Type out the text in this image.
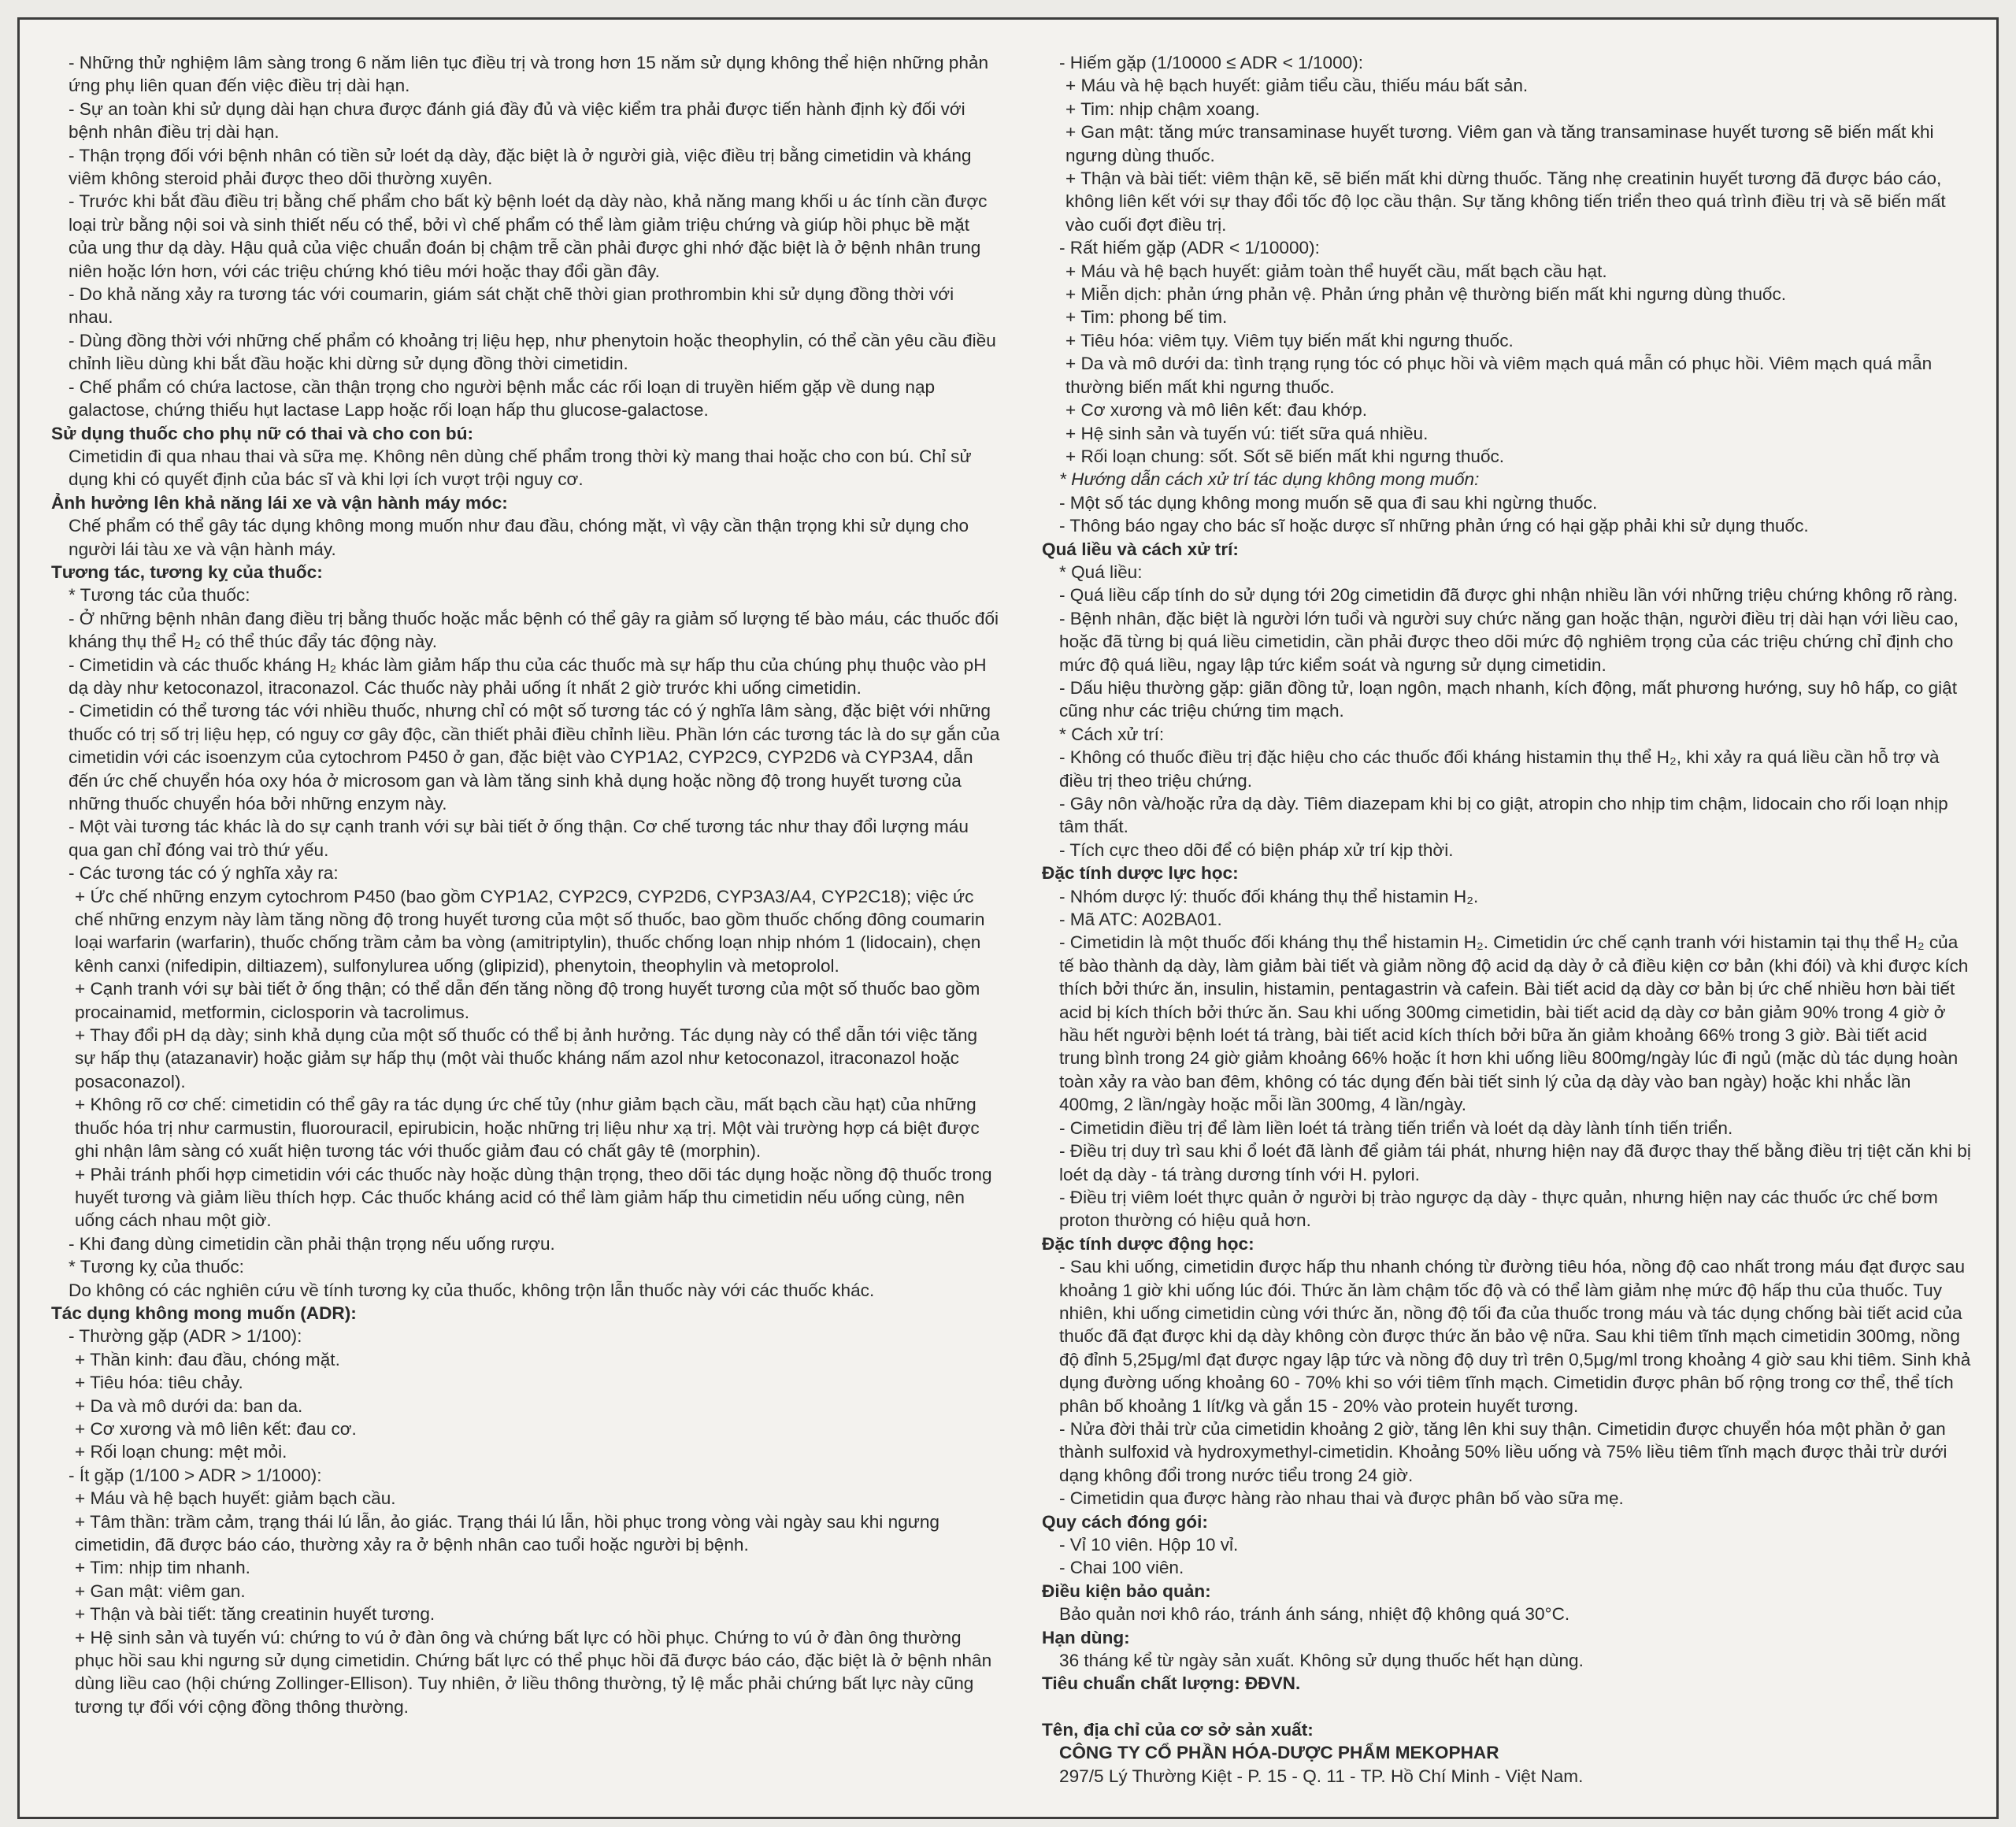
- Những thử nghiệm lâm sàng trong 6 năm liên tục điều trị và trong hơn 15 năm sử dụng không thể hiện những phản ứng phụ liên quan đến việc điều trị dài hạn.

- Sự an toàn khi sử dụng dài hạn chưa được đánh giá đầy đủ và việc kiểm tra phải được tiến hành định kỳ đối với bệnh nhân điều trị dài hạn.

- Thận trọng đối với bệnh nhân có tiền sử loét dạ dày, đặc biệt là ở người già, việc điều trị bằng cimetidin và kháng viêm không steroid phải được theo dõi thường xuyên.

- Trước khi bắt đầu điều trị bằng chế phẩm cho bất kỳ bệnh loét dạ dày nào, khả năng mang khối u ác tính cần được loại trừ bằng nội soi và sinh thiết nếu có thể, bởi vì chế phẩm có thể làm giảm triệu chứng và giúp hồi phục bề mặt của ung thư dạ dày. Hậu quả của việc chuẩn đoán bị chậm trễ cần phải được ghi nhớ đặc biệt là ở bệnh nhân trung niên hoặc lớn hơn, với các triệu chứng khó tiêu mới hoặc thay đổi gần đây.

- Do khả năng xảy ra tương tác với coumarin, giám sát chặt chẽ thời gian prothrombin khi sử dụng đồng thời với nhau.

- Dùng đồng thời với những chế phẩm có khoảng trị liệu hẹp, như phenytoin hoặc theophylin, có thể cần yêu cầu điều chỉnh liều dùng khi bắt đầu hoặc khi dừng sử dụng đồng thời cimetidin.

- Chế phẩm có chứa lactose, cần thận trọng cho người bệnh mắc các rối loạn di truyền hiếm gặp về dung nạp galactose, chứng thiếu hụt lactase Lapp hoặc rối loạn hấp thu glucose-galactose.

Sử dụng thuốc cho phụ nữ có thai và cho con bú:

Cimetidin đi qua nhau thai và sữa mẹ. Không nên dùng chế phẩm trong thời kỳ mang thai hoặc cho con bú. Chỉ sử dụng khi có quyết định của bác sĩ và khi lợi ích vượt trội nguy cơ.

Ảnh hưởng lên khả năng lái xe và vận hành máy móc:

Chế phẩm có thể gây tác dụng không mong muốn như đau đầu, chóng mặt, vì vậy cần thận trọng khi sử dụng cho người lái tàu xe và vận hành máy.

Tương tác, tương kỵ của thuốc:

* Tương tác của thuốc:

- Ở những bệnh nhân đang điều trị bằng thuốc hoặc mắc bệnh có thể gây ra giảm số lượng tế bào máu, các thuốc đối kháng thụ thể H₂ có thể thúc đẩy tác động này.

- Cimetidin và các thuốc kháng H₂ khác làm giảm hấp thu của các thuốc mà sự hấp thu của chúng phụ thuộc vào pH dạ dày như ketoconazol, itraconazol. Các thuốc này phải uống ít nhất 2 giờ trước khi uống cimetidin.

- Cimetidin có thể tương tác với nhiều thuốc, nhưng chỉ có một số tương tác có ý nghĩa lâm sàng, đặc biệt với những thuốc có trị số trị liệu hẹp, có nguy cơ gây độc, cần thiết phải điều chỉnh liều. Phần lớn các tương tác là do sự gắn của cimetidin với các isoenzym của cytochrom P450 ở gan, đặc biệt vào CYP1A2, CYP2C9, CYP2D6 và CYP3A4, dẫn đến ức chế chuyển hóa oxy hóa ở microsom gan và làm tăng sinh khả dụng hoặc nồng độ trong huyết tương của những thuốc chuyển hóa bởi những enzym này.

- Một vài tương tác khác là do sự cạnh tranh với sự bài tiết ở ống thận. Cơ chế tương tác như thay đổi lượng máu qua gan chỉ đóng vai trò thứ yếu.

- Các tương tác có ý nghĩa xảy ra:

+ Ức chế những enzym cytochrom P450 (bao gồm CYP1A2, CYP2C9, CYP2D6, CYP3A3/A4, CYP2C18); việc ức chế những enzym này làm tăng nồng độ trong huyết tương của một số thuốc, bao gồm thuốc chống đông coumarin loại warfarin (warfarin), thuốc chống trầm cảm ba vòng (amitriptylin), thuốc chống loạn nhịp nhóm 1 (lidocain), chẹn kênh canxi (nifedipin, diltiazem), sulfonylurea uống (glipizid), phenytoin, theophylin và metoprolol.

+ Cạnh tranh với sự bài tiết ở ống thận; có thể dẫn đến tăng nồng độ trong huyết tương của một số thuốc bao gồm procainamid, metformin, ciclosporin và tacrolimus.

+ Thay đổi pH dạ dày; sinh khả dụng của một số thuốc có thể bị ảnh hưởng. Tác dụng này có thể dẫn tới việc tăng sự hấp thụ (atazanavir) hoặc giảm sự hấp thụ (một vài thuốc kháng nấm azol như ketoconazol, itraconazol hoặc posaconazol).

+ Không rõ cơ chế: cimetidin có thể gây ra tác dụng ức chế tủy (như giảm bạch cầu, mất bạch cầu hạt) của những thuốc hóa trị như carmustin, fluorouracil, epirubicin, hoặc những trị liệu như xạ trị. Một vài trường hợp cá biệt được ghi nhận lâm sàng có xuất hiện tương tác với thuốc giảm đau có chất gây tê (morphin).

+ Phải tránh phối hợp cimetidin với các thuốc này hoặc dùng thận trọng, theo dõi tác dụng hoặc nồng độ thuốc trong huyết tương và giảm liều thích hợp. Các thuốc kháng acid có thể làm giảm hấp thu cimetidin nếu uống cùng, nên uống cách nhau một giờ.

- Khi đang dùng cimetidin cần phải thận trọng nếu uống rượu.

* Tương kỵ của thuốc:

Do không có các nghiên cứu về tính tương kỵ của thuốc, không trộn lẫn thuốc này với các thuốc khác.

Tác dụng không mong muốn (ADR):

- Thường gặp (ADR > 1/100):

+ Thần kinh: đau đầu, chóng mặt.

+ Tiêu hóa: tiêu chảy.

+ Da và mô dưới da: ban da.

+ Cơ xương và mô liên kết: đau cơ.

+ Rối loạn chung: mệt mỏi.

- Ít gặp (1/100 > ADR > 1/1000):

+ Máu và hệ bạch huyết: giảm bạch cầu.

+ Tâm thần: trầm cảm, trạng thái lú lẫn, ảo giác. Trạng thái lú lẫn, hồi phục trong vòng vài ngày sau khi ngưng cimetidin, đã được báo cáo, thường xảy ra ở bệnh nhân cao tuổi hoặc người bị bệnh.

+ Tim: nhịp tim nhanh.

+ Gan mật: viêm gan.

+ Thận và bài tiết: tăng creatinin huyết tương.

+ Hệ sinh sản và tuyến vú: chứng to vú ở đàn ông và chứng bất lực có hồi phục. Chứng to vú ở đàn ông thường phục hồi sau khi ngưng sử dụng cimetidin. Chứng bất lực có thể phục hồi đã được báo cáo, đặc biệt là ở bệnh nhân dùng liều cao (hội chứng Zollinger-Ellison). Tuy nhiên, ở liều thông thường, tỷ lệ mắc phải chứng bất lực này cũng tương tự đối với cộng đồng thông thường.

- Hiếm gặp (1/10000 ≤ ADR < 1/1000):

+ Máu và hệ bạch huyết: giảm tiểu cầu, thiếu máu bất sản.

+ Tim: nhịp chậm xoang.

+ Gan mật: tăng mức transaminase huyết tương. Viêm gan và tăng transaminase huyết tương sẽ biến mất khi ngưng dùng thuốc.

+ Thận và bài tiết: viêm thận kẽ, sẽ biến mất khi dừng thuốc. Tăng nhẹ creatinin huyết tương đã được báo cáo, không liên kết với sự thay đổi tốc độ lọc cầu thận. Sự tăng không tiến triển theo quá trình điều trị và sẽ biến mất vào cuối đợt điều trị.

- Rất hiếm gặp (ADR < 1/10000):

+ Máu và hệ bạch huyết: giảm toàn thể huyết cầu, mất bạch cầu hạt.

+ Miễn dịch: phản ứng phản vệ. Phản ứng phản vệ thường biến mất khi ngưng dùng thuốc.

+ Tim: phong bế tim.

+ Tiêu hóa: viêm tụy. Viêm tụy biến mất khi ngưng thuốc.

+ Da và mô dưới da: tình trạng rụng tóc có phục hồi và viêm mạch quá mẫn có phục hồi. Viêm mạch quá mẫn thường biến mất khi ngưng thuốc.

+ Cơ xương và mô liên kết: đau khớp.

+ Hệ sinh sản và tuyến vú: tiết sữa quá nhiều.

+ Rối loạn chung: sốt. Sốt sẽ biến mất khi ngưng thuốc.

* Hướng dẫn cách xử trí tác dụng không mong muốn:

- Một số tác dụng không mong muốn sẽ qua đi sau khi ngừng thuốc.

- Thông báo ngay cho bác sĩ hoặc dược sĩ những phản ứng có hại gặp phải khi sử dụng thuốc.

Quá liều và cách xử trí:

* Quá liều:

- Quá liều cấp tính do sử dụng tới 20g cimetidin đã được ghi nhận nhiều lần với những triệu chứng không rõ ràng.

- Bệnh nhân, đặc biệt là người lớn tuổi và người suy chức năng gan hoặc thận, người điều trị dài hạn với liều cao, hoặc đã từng bị quá liều cimetidin, cần phải được theo dõi mức độ nghiêm trọng của các triệu chứng chỉ định cho mức độ quá liều, ngay lập tức kiểm soát và ngưng sử dụng cimetidin.

- Dấu hiệu thường gặp: giãn đồng tử, loạn ngôn, mạch nhanh, kích động, mất phương hướng, suy hô hấp, co giật cũng như các triệu chứng tim mạch.

* Cách xử trí:

- Không có thuốc điều trị đặc hiệu cho các thuốc đối kháng histamin thụ thể H₂, khi xảy ra quá liều cần hỗ trợ và điều trị theo triệu chứng.

- Gây nôn và/hoặc rửa dạ dày. Tiêm diazepam khi bị co giật, atropin cho nhịp tim chậm, lidocain cho rối loạn nhịp tâm thất.

- Tích cực theo dõi để có biện pháp xử trí kịp thời.

Đặc tính dược lực học:

- Nhóm dược lý: thuốc đối kháng thụ thể histamin H₂.

- Mã ATC: A02BA01.

- Cimetidin là một thuốc đối kháng thụ thể histamin H₂. Cimetidin ức chế cạnh tranh với histamin tại thụ thể H₂ của tế bào thành dạ dày, làm giảm bài tiết và giảm nồng độ acid dạ dày ở cả điều kiện cơ bản (khi đói) và khi được kích thích bởi thức ăn, insulin, histamin, pentagastrin và cafein. Bài tiết acid dạ dày cơ bản bị ức chế nhiều hơn bài tiết acid bị kích thích bởi thức ăn. Sau khi uống 300mg cimetidin, bài tiết acid dạ dày cơ bản giảm 90% trong 4 giờ ở hầu hết người bệnh loét tá tràng, bài tiết acid kích thích bởi bữa ăn giảm khoảng 66% trong 3 giờ. Bài tiết acid trung bình trong 24 giờ giảm khoảng 66% hoặc ít hơn khi uống liều 800mg/ngày lúc đi ngủ (mặc dù tác dụng hoàn toàn xảy ra vào ban đêm, không có tác dụng đến bài tiết sinh lý của dạ dày vào ban ngày) hoặc khi nhắc lần 400mg, 2 lần/ngày hoặc mỗi lần 300mg, 4 lần/ngày.

- Cimetidin điều trị để làm liền loét tá tràng tiến triển và loét dạ dày lành tính tiến triển.

- Điều trị duy trì sau khi ổ loét đã lành để giảm tái phát, nhưng hiện nay đã được thay thế bằng điều trị tiệt căn khi bị loét dạ dày - tá tràng dương tính với H. pylori.

- Điều trị viêm loét thực quản ở người bị trào ngược dạ dày - thực quản, nhưng hiện nay các thuốc ức chế bơm proton thường có hiệu quả hơn.

Đặc tính dược động học:

- Sau khi uống, cimetidin được hấp thu nhanh chóng từ đường tiêu hóa, nồng độ cao nhất trong máu đạt được sau khoảng 1 giờ khi uống lúc đói. Thức ăn làm chậm tốc độ và có thể làm giảm nhẹ mức độ hấp thu của thuốc. Tuy nhiên, khi uống cimetidin cùng với thức ăn, nồng độ tối đa của thuốc trong máu và tác dụng chống bài tiết acid của thuốc đã đạt được khi dạ dày không còn được thức ăn bảo vệ nữa. Sau khi tiêm tĩnh mạch cimetidin 300mg, nồng độ đỉnh 5,25μg/ml đạt được ngay lập tức và nồng độ duy trì trên 0,5μg/ml trong khoảng 4 giờ sau khi tiêm. Sinh khả dụng đường uống khoảng 60 - 70% khi so với tiêm tĩnh mạch. Cimetidin được phân bố rộng trong cơ thể, thể tích phân bố khoảng 1 lít/kg và gắn 15 - 20% vào protein huyết tương.

- Nửa đời thải trừ của cimetidin khoảng 2 giờ, tăng lên khi suy thận. Cimetidin được chuyển hóa một phần ở gan thành sulfoxid và hydroxymethyl-cimetidin. Khoảng 50% liều uống và 75% liều tiêm tĩnh mạch được thải trừ dưới dạng không đổi trong nước tiểu trong 24 giờ.

- Cimetidin qua được hàng rào nhau thai và được phân bố vào sữa mẹ.

Quy cách đóng gói:

- Vỉ 10 viên. Hộp 10 vỉ.

- Chai 100 viên.

Điều kiện bảo quản:

Bảo quản nơi khô ráo, tránh ánh sáng, nhiệt độ không quá 30°C.

Hạn dùng:

36 tháng kể từ ngày sản xuất. Không sử dụng thuốc hết hạn dùng.

Tiêu chuẩn chất lượng: ĐĐVN.

Tên, địa chỉ của cơ sở sản xuất:

CÔNG TY CỔ PHẦN HÓA-DƯỢC PHẨM MEKOPHAR

297/5 Lý Thường Kiệt - P. 15 - Q. 11 - TP. Hồ Chí Minh - Việt Nam.
